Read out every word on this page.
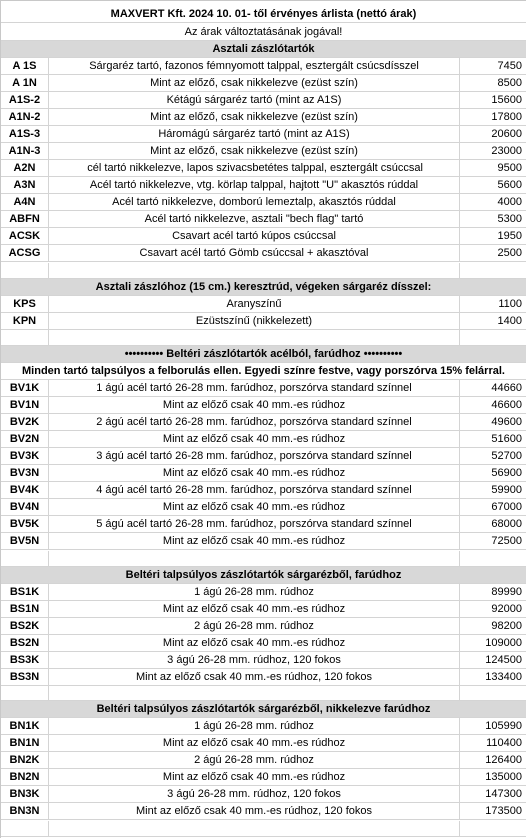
MAXVERT Kft. 2024 10. 01- től érvényes árlista (nettó árak)
Az árak változtatásának jogával!
Asztali zászlótartók
A 1S	Sárgaréz tartó, fazonos fémnyomott talppal, esztergált csúcsdísszel	7450
A 1N	Mint az előző, csak nikkelezve (ezüst szín)	8500
A1S-2	Kétágú sárgaréz tartó (mint az A1S)	15600
A1N-2	Mint az előző, csak nikkelezve (ezüst szín)	17800
A1S-3	Háromágú sárgaréz tartó (mint az A1S)	20600
A1N-3	Mint az előző, csak nikkelezve (ezüst szín)	23000
A2N	 cél tartó nikkelezve, lapos szivacsbetétes talppal, esztergált csúccsal	9500
A3N	Acél tartó nikkelezve, vtg. körlap talppal, hajtott "U" akasztós rúddal	5600
A4N	Acél tartó nikkelezve, domború lemeztalp, akasztós rúddal	4000
ABFN	Acél tartó nikkelezve, asztali "bech flag" tartó	5300
ACSK	Csavart acél tartó kúpos csúccsal	1950
ACSG	Csavart acél tartó Gömb csúccsal + akasztóval	2500
Asztali zászlóhoz (15 cm.) keresztrúd, végeken sárgaréz dísszel:
KPS	Aranyszínű	1100
KPN	Ezüstszínű (nikkelezett)	1400
•••••••••• Beltéri zászlótartók acélból, farúdhoz ••••••••••
Minden tartó talpsúlyos a felborulás ellen. Egyedi színre festve, vagy porszórva 15% felárral.
BV1K	1 ágú acél tartó 26-28 mm. farúdhoz, porszórva standard színnel	44660
BV1N	Mint az előző csak 40 mm.-es rúdhoz	46600
BV2K	2 ágú acél tartó 26-28 mm. farúdhoz, porszórva standard színnel	49600
BV2N	Mint az előző csak 40 mm.-es rúdhoz	51600
BV3K	3 ágú acél tartó 26-28 mm. farúdhoz, porszórva standard színnel	52700
BV3N	Mint az előző csak 40 mm.-es rúdhoz	56900
BV4K	4 ágú acél tartó 26-28 mm. farúdhoz, porszórva standard színnel	59900
BV4N	Mint az előző csak 40 mm.-es rúdhoz	67000
BV5K	5 ágú acél tartó 26-28 mm. farúdhoz, porszórva standard színnel	68000
BV5N	Mint az előző csak 40 mm.-es rúdhoz	72500
Beltéri talpsúlyos zászlótartók sárgarézből, farúdhoz
BS1K	1 ágú 26-28 mm. rúdhoz	89990
BS1N	Mint az előző csak 40 mm.-es rúdhoz	92000
BS2K	2 ágú 26-28 mm. rúdhoz	98200
BS2N	Mint az előző csak 40 mm.-es rúdhoz	109000
BS3K	3 ágú 26-28 mm. rúdhoz, 120 fokos	124500
BS3N	Mint az előző csak 40 mm.-es rúdhoz, 120 fokos	133400
Beltéri talpsúlyos zászlótartók sárgarézből, nikkelezve farúdhoz
BN1K	1 ágú 26-28 mm. rúdhoz	105990
BN1N	Mint az előző csak 40 mm.-es rúdhoz	110400
BN2K	2 ágú 26-28 mm. rúdhoz	126400
BN2N	Mint az előző csak 40 mm.-es rúdhoz	135000
BN3K	3 ágú 26-28 mm. rúdhoz, 120 fokos	147300
BN3N	Mint az előző csak 40 mm.-es rúdhoz, 120 fokos	173500
